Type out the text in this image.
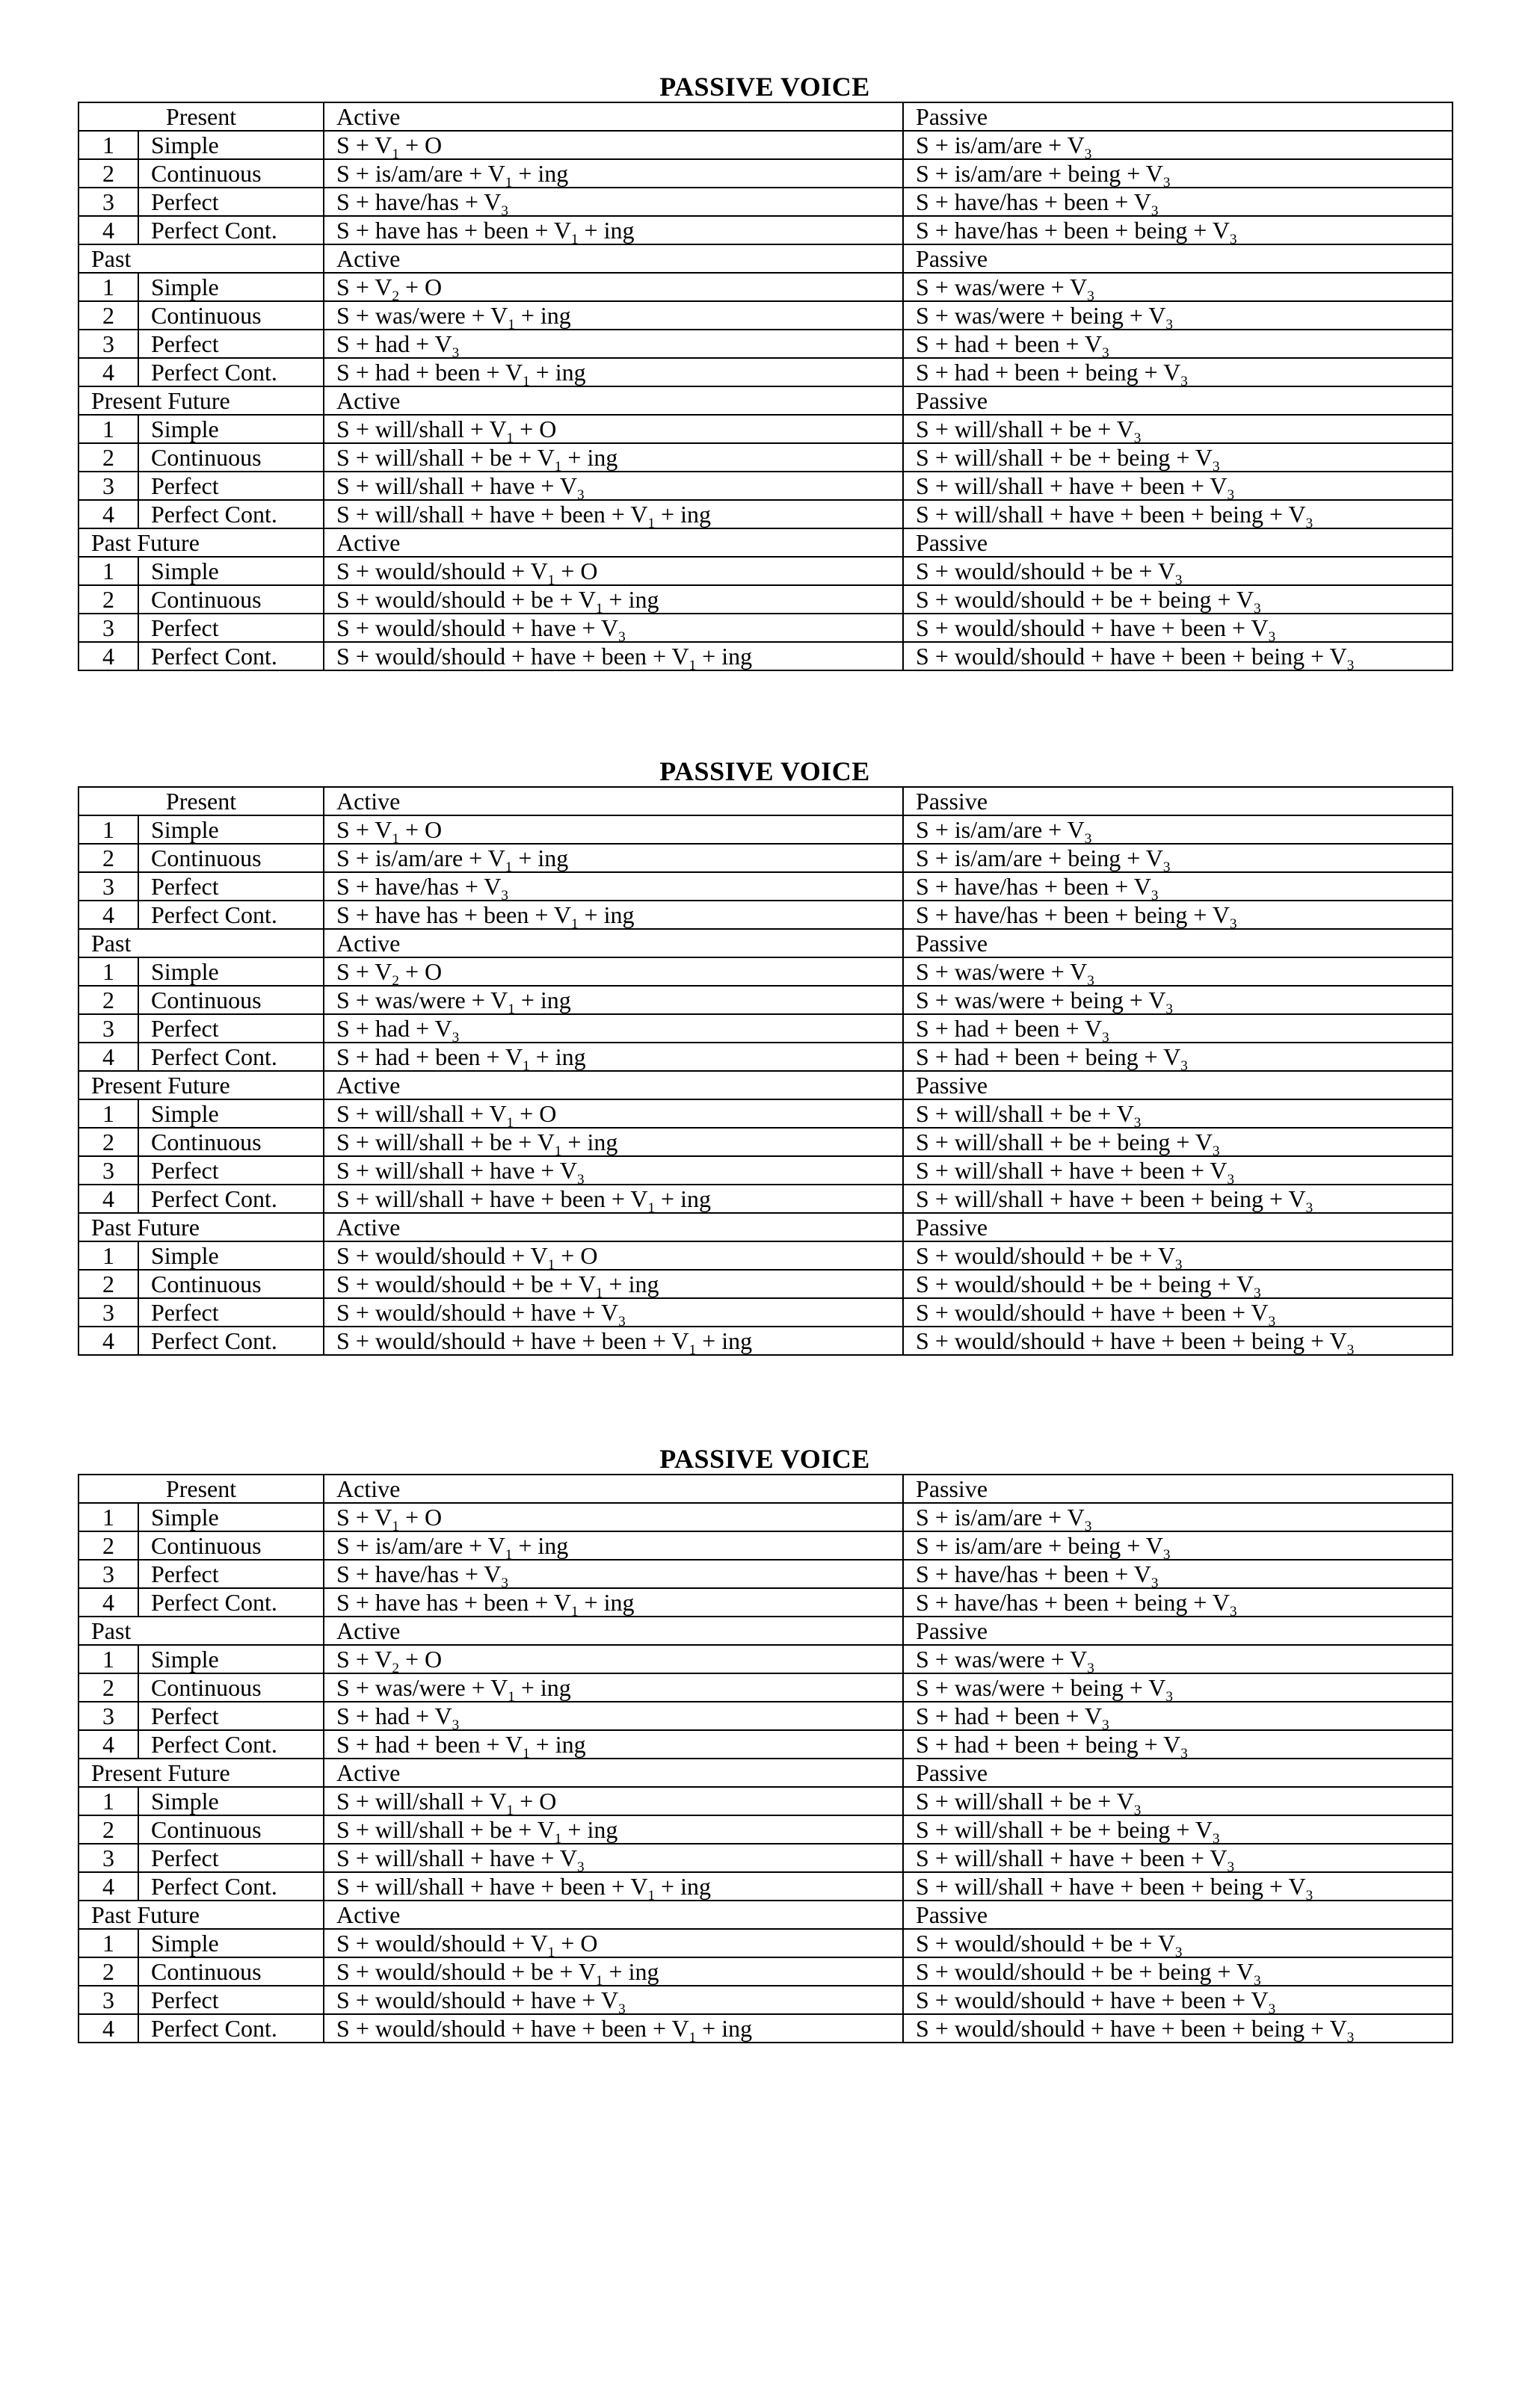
PASSIVE VOICE
Present		Active	Passive
1	Simple	$S + V_1 + O$	$S + is/am/are + V_3$
2	Continuous	$S + is/am/are + V_1$ + ing	S + is/am/are + being + $V_3$
3	Perfect	S + have/has + $V_3$	S + have/has + been + $V_3$
4	Perfect Cont.	S + have has + been + $V_1$ + ing	S + have/has + been + being + $V_3$
Past		Active	Passive
1	Simple	$S + V_2 + O$	S + was/were + $V_3$
2	Continuous	S + was/were + $V_1$ + ing	S + was/were + being + $V_3$
3	Perfect	S + had + $V_3$	S + had + been + $V_3$
4	Perfect Cont.	S + had + been + $V_1$ + ing	S + had + been + being + $V_3$
Present Future		Active	Passive
1	Simple	S + will/shall + $V_1 + O$	S + will/shall + be + $V_3$
2	Continuous	S + will/shall + be + $V_1$ + ing	S + will/shall + be + being + $V_3$
3	Perfect	S + will/shall + have + $V_3$	S + will/shall + have + been + $V_3$
4	Perfect Cont.	S + will/shall + have + been + $V_1$ + ing	S + will/shall + have + been + being + $V_3$
Past Future		Active	Passive
1	Simple	S + would/should + $V_1 + O$	S + would/should + be + $V_3$
2	Continuous	S + would/should + be + $V_1$ + ing	S + would/should + be + being + $V_3$
3	Perfect	S + would/should + have + $V_3$	S + would/should + have + been + $V_3$
4	Perfect Cont.	S + would/should + have + been + $V_1$ + ing	S + would/should + have + been + being + $V_3$
PASSIVE VOICE
Present		Active	Passive
1	Simple	$S + V_1 + O$	$S + is/am/are + V_3$
2	Continuous	$S + is/am/are + V_1$ + ing	S + is/am/are + being + $V_3$
3	Perfect	S + have/has + $V_3$	S + have/has + been + $V_3$
4	Perfect Cont.	S + have has + been + $V_1$ + ing	S + have/has + been + being + $V_3$
Past		Active	Passive
1	Simple	$S + V_2 + O$	S + was/were + $V_3$
2	Continuous	S + was/were + $V_1$ + ing	S + was/were + being + $V_3$
3	Perfect	S + had + $V_3$	S + had + been + $V_3$
4	Perfect Cont.	S + had + been + $V_1$ + ing	S + had + been + being + $V_3$
Present Future		Active	Passive
1	Simple	S + will/shall + $V_1 + O$	S + will/shall + be + $V_3$
2	Continuous	S + will/shall + be + $V_1$ + ing	S + will/shall + be + being + $V_3$
3	Perfect	S + will/shall + have + $V_3$	S + will/shall + have + been + $V_3$
4	Perfect Cont.	S + will/shall + have + been + $V_1$ + ing	S + will/shall + have + been + being + $V_3$
Past Future		Active	Passive
1	Simple	S + would/should + $V_1 + O$	S + would/should + be + $V_3$
2	Continuous	S + would/should + be + $V_1$ + ing	S + would/should + be + being + $V_3$
3	Perfect	S + would/should + have + $V_3$	S + would/should + have + been + $V_3$
4	Perfect Cont.	S + would/should + have + been + $V_1$ + ing	S + would/should + have + been + being + $V_3$
PASSIVE VOICE
Present		Active	Passive
1	Simple	$S + V_1 + O$	$S + is/am/are + V_3$
2	Continuous	$S + is/am/are + V_1$ + ing	S + is/am/are + being + $V_3$
3	Perfect	S + have/has + $V_3$	S + have/has + been + $V_3$
4	Perfect Cont.	S + have has + been + $V_1$ + ing	S + have/has + been + being + $V_3$
Past		Active	Passive
1	Simple	$S + V_2 + O$	S + was/were + $V_3$
2	Continuous	S + was/were + $V_1$ + ing	S + was/were + being + $V_3$
3	Perfect	S + had + $V_3$	S + had + been + $V_3$
4	Perfect Cont.	S + had + been + $V_1$ + ing	S + had + been + being + $V_3$
Present Future		Active	Passive
1	Simple	S + will/shall + $V_1 + O$	S + will/shall + be + $V_3$
2	Continuous	S + will/shall + be + $V_1$ + ing	S + will/shall + be + being + $V_3$
3	Perfect	S + will/shall + have + $V_3$	S + will/shall + have + been + $V_3$
4	Perfect Cont.	S + will/shall + have + been + $V_1$ + ing	S + will/shall + have + been + being + $V_3$
Past Future		Active	Passive
1	Simple	S + would/should + $V_1 + O$	S + would/should + be + $V_3$
2	Continuous	S + would/should + be + $V_1$ + ing	S + would/should + be + being + $V_3$
3	Perfect	S + would/should + have + $V_3$	S + would/should + have + been + $V_3$
4	Perfect Cont.	S + would/should + have + been + $V_1$ + ing	S + would/should + have + been + being + $V_3$
